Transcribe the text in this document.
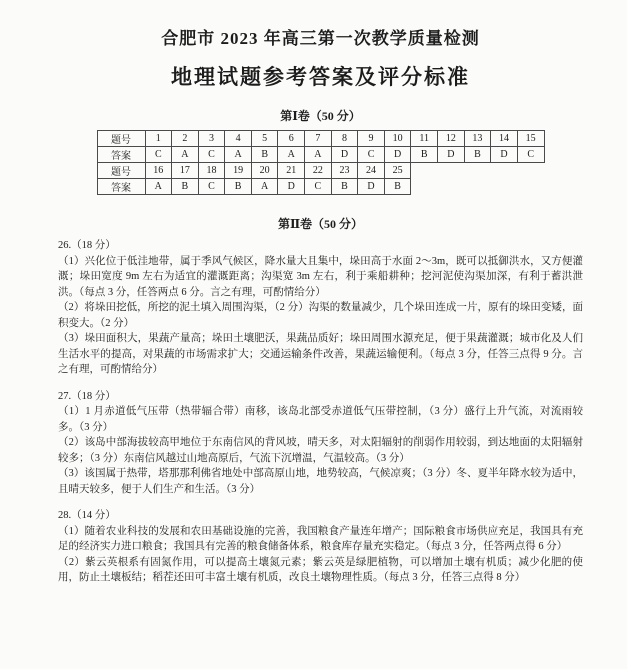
合肥市 2023 年高三第一次教学质量检测
地理试题参考答案及评分标准
第Ⅰ卷（50 分）
题号	1	2	3	4	5	6	7	8	9	10	11	12	13	14	15
答案	C	A	C	A	B	A	A	D	C	D	B	D	B	D	C
题号	16	17	18	19	20	21	22	23	24	25					
答案	A	B	C	B	A	D	C	B	D	B					
第Ⅱ卷（50 分）

26.（18 分）

（1）兴化位于低洼地带，属于季风气候区，降水量大且集中，垛田高于水面 2～3m，既可以抵御洪水，又方便灌溉；垛田宽度 9m 左右为适宜的灌溉距离；沟渠宽 3m 左右，利于乘船耕种；挖河泥使沟渠加深，有利于蓄洪泄洪。（每点 3 分，任答两点 6 分。言之有理，可酌情给分）

（2）将垛田挖低，所挖的泥土填入周围沟渠，（2 分）沟渠的数量减少，几个垛田连成一片，原有的垛田变矮，面积变大。（2 分）

（3）垛田面积大，果蔬产量高；垛田土壤肥沃，果蔬品质好；垛田周围水源充足，便于果蔬灌溉；城市化及人们生活水平的提高，对果蔬的市场需求扩大；交通运输条件改善，果蔬运输便利。（每点 3 分，任答三点得 9 分。言之有理，可酌情给分）

27.（18 分）

（1）1 月赤道低气压带（热带辐合带）南移，该岛北部受赤道低气压带控制，（3 分）盛行上升气流，对流雨较多。（3 分）

（2）该岛中部海拔较高甲地位于东南信风的背风坡，晴天多，对太阳辐射的削弱作用较弱，到达地面的太阳辐射较多；（3 分）东南信风越过山地高原后，气流下沉增温，气温较高。（3 分）

（3）该国属于热带，塔那那利佛省地处中部高原山地，地势较高，气候凉爽；（3 分）冬、夏半年降水较为适中，且晴天较多，便于人们生产和生活。（3 分）

28.（14 分）

（1）随着农业科技的发展和农田基础设施的完善，我国粮食产量连年增产；国际粮食市场供应充足，我国具有充足的经济实力进口粮食；我国具有完善的粮食储备体系，粮食库存量充实稳定。（每点 3 分，任答两点得 6 分）

（2）紫云英根系有固氮作用，可以提高土壤氮元素；紫云英是绿肥植物，可以增加土壤有机质；减少化肥的使用，防止土壤板结；稻茬还田可丰富土壤有机质，改良土壤物理性质。（每点 3 分，任答三点得 8 分）
